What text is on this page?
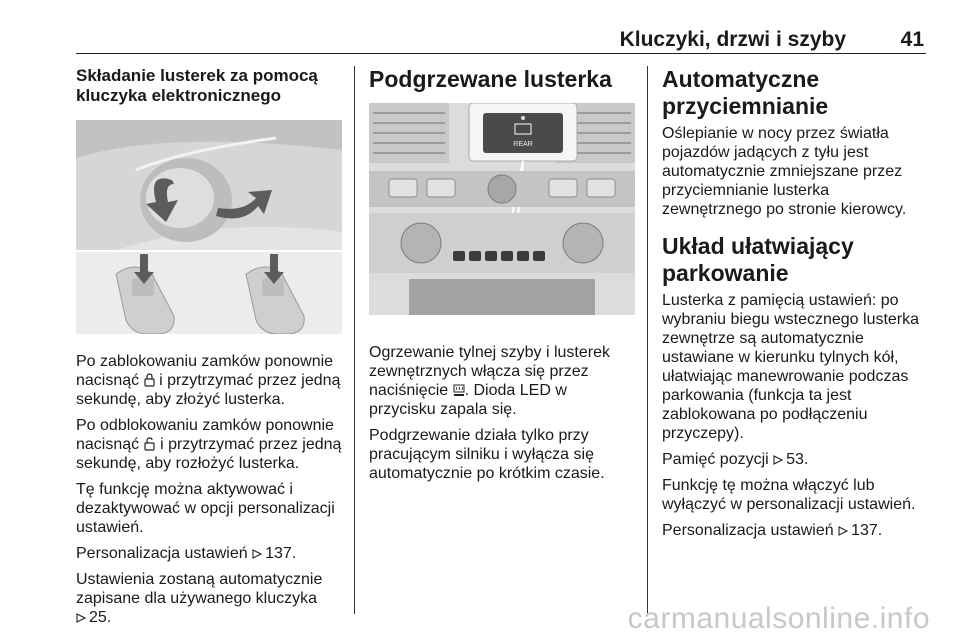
Kluczyki, drzwi i szyby	41
Składanie lusterek za pomocą kluczyka elektronicznego

Po zablokowaniu zamków ponownie nacisnąć i przytrzymać przez jedną sekundę, aby złożyć lusterka.

Po odblokowaniu zamków ponownie nacisnąć i przytrzymać przez jedną sekundę, aby rozłożyć lusterka.

Tę funkcję można aktywować i dezaktywować w opcji personalizacji ustawień.

Personalizacja ustawień 137.

Ustawienia zostaną automatycznie zapisane dla używanego kluczyka
25.

Podgrzewane lusterka
REAR

Ogrzewanie tylnej szyby i lusterek zewnętrznych włącza się przez naciśnięcie . Dioda LED w przycisku zapala się.

Podgrzewanie działa tylko przy pracującym silniku i wyłącza się automatycznie po krótkim czasie.

Automatyczne przyciemnianie

Oślepianie w nocy przez światła pojazdów jadących z tyłu jest automatycznie zmniejszane przez przyciemnianie lusterka zewnętrznego po stronie kierowcy.

Układ ułatwiający parkowanie

Lusterka z pamięcią ustawień: po wybraniu biegu wstecznego lusterka zewnętrze są automatycznie ustawiane w kierunku tylnych kół, ułatwiając manewrowanie podczas parkowania (funkcja ta jest zablokowana po podłączeniu przyczepy).

Pamięć pozycji 53.

Funkcję tę można włączyć lub wyłączyć w personalizacji ustawień.

Personalizacja ustawień 137.

carmanualsonline.info
